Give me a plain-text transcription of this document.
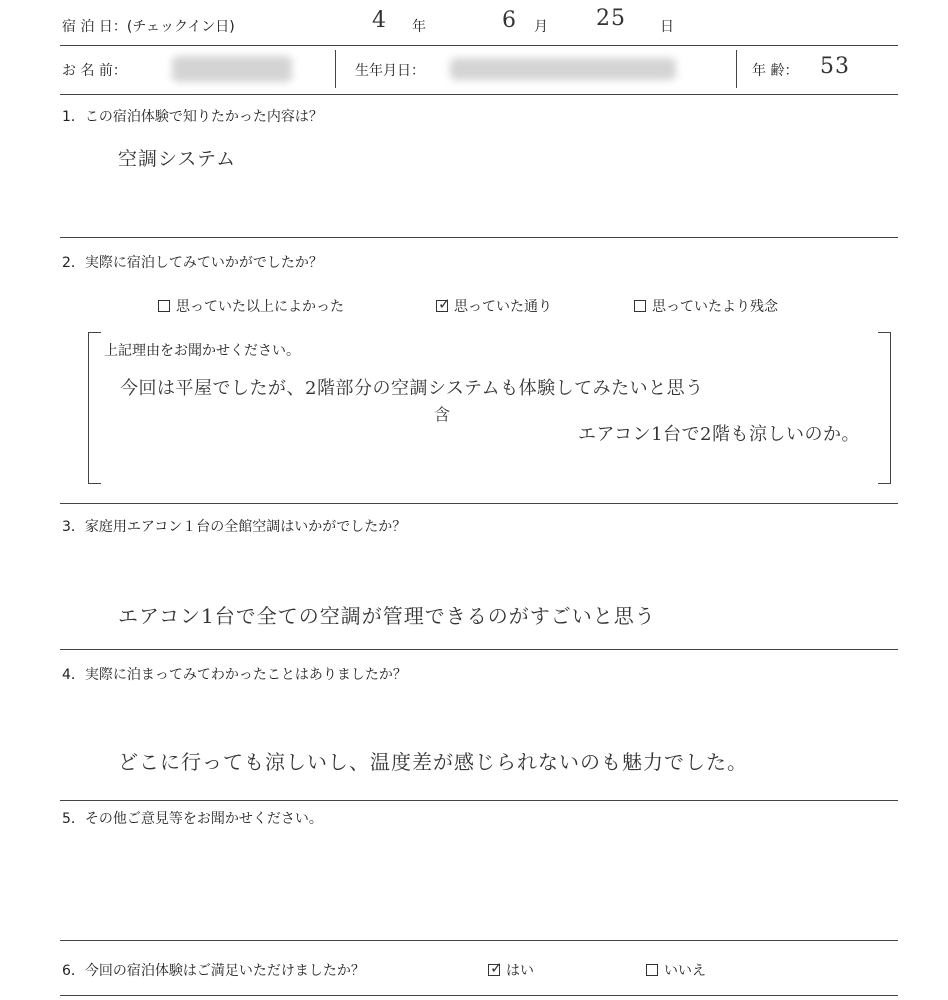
宿 泊 日：(チェックイン日)	4 年	6 月 25 日
お 名 前：	生年月日：	年 齢： 53
1．この宿泊体験で知りたかった内容は？
空調システム
2．実際に宿泊してみていかがでしたか？
思っていた以上によかった	✓ 思っていた通り	思っていたより残念
上記理由をお聞かせください。
今回は平屋でしたが、2階部分の空調システムも体験してみたいと思う
含
エアコン1台で2階も涼しいのか。
3．家庭用エアコン１台の全館空調はいかがでしたか？
エアコン1台で全ての空調が管理できるのがすごいと思う
4．実際に泊まってみてわかったことはありましたか？
どこに行っても涼しいし、温度差が感じられないのも魅力でした。
5．その他ご意見等をお聞かせください。
6．今回の宿泊体験はご満足いただけましたか？	✓ はい	いいえ
